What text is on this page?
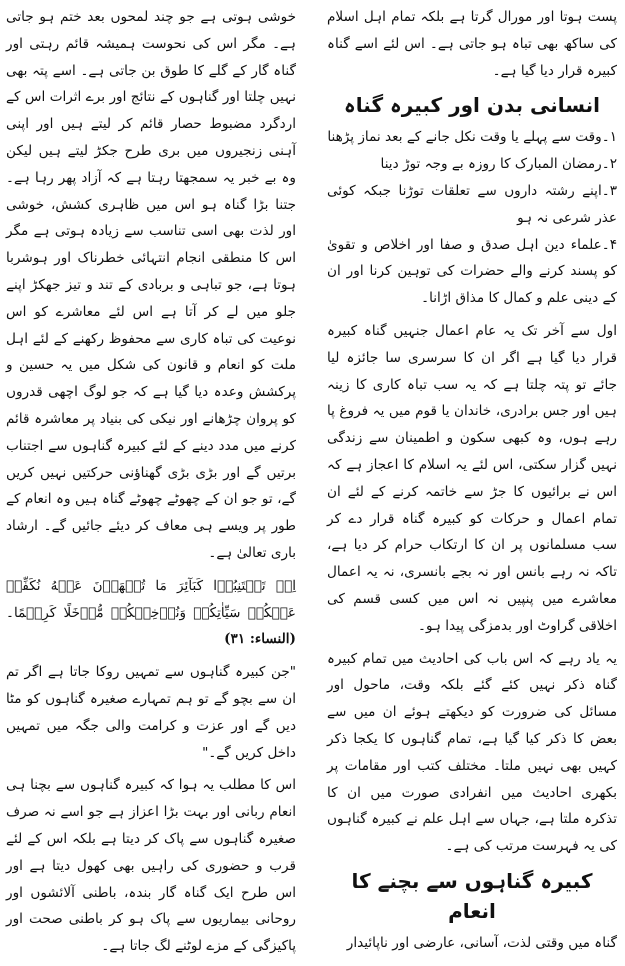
پست ہوتا اور مورال گرتا ہے بلکہ تمام اہل اسلام کی ساکھ بھی تباہ ہو جاتی ہے۔ اس لئے اسے گناہ کبیرہ قرار دیا گیا ہے۔

انسانی بدن اور کبیرہ گناہ
۱۔وقت سے پہلے یا وقت نکل جانے کے بعد نماز پڑھنا
۲۔رمضان المبارک کا روزہ بے وجہ توڑ دینا
۳۔اپنے رشتہ داروں سے تعلقات توڑنا جبکہ کوئی عذر شرعی نہ ہو
۴۔علماء دین اہل صدق و صفا اور اخلاص و تقویٰ کو پسند کرنے والے حضرات کی توہین کرنا اور ان کے دینی علم و کمال کا مذاق اڑانا۔

اول سے آخر تک یہ عام اعمال جنہیں گناہ کبیرہ قرار دیا گیا ہے اگر ان کا سرسری سا جائزہ لیا جائے تو پتہ چلتا ہے کہ یہ سب تباہ کاری کا زینہ ہیں اور جس برادری، خاندان یا قوم میں یہ فروغ پا رہے ہوں، وہ کبھی سکون و اطمینان سے زندگی نہیں گزار سکتی، اس لئے یہ اسلام کا اعجاز ہے کہ اس نے برائیوں کا جڑ سے خاتمہ کرنے کے لئے ان تمام اعمال و حرکات کو کبیرہ گناہ قرار دے کر سب مسلمانوں پر ان کا ارتکاب حرام کر دیا ہے، تاکہ نہ رہے بانس اور نہ بجے بانسری، نہ یہ اعمال معاشرے میں پنپیں نہ اس میں کسی قسم کی اخلاقی گراوٹ اور بدمزگی پیدا ہو۔

یہ یاد رہے کہ اس باب کی احادیث میں تمام کبیرہ گناہ ذکر نہیں کئے گئے بلکہ وقت، ماحول اور مسائل کی ضرورت کو دیکھتے ہوئے ان میں سے بعض کا ذکر کیا گیا ہے، تمام گناہوں کا یکجا ذکر کہیں بھی نہیں ملتا۔ مختلف کتب اور مقامات پر بکھری احادیث میں انفرادی صورت میں ان کا تذکرہ ملتا ہے، جہاں سے اہل علم نے کبیرہ گناہوں کی یہ فہرست مرتب کی ہے۔

کبیرہ گناہوں سے بچنے کا انعام

گناہ میں وقتی لذت، آسانی، عارضی اور ناپائیدار

خوشی ہوتی ہے جو چند لمحوں بعد ختم ہو جاتی ہے۔ مگر اس کی نحوست ہمیشہ قائم رہتی اور گناہ گار کے گلے کا طوق بن جاتی ہے۔ اسے پتہ بھی نہیں چلتا اور گناہوں کے نتائج اور برے اثرات اس کے اردگرد مضبوط حصار قائم کر لیتے ہیں اور اپنی آہنی زنجیروں میں بری طرح جکڑ لیتے ہیں لیکن وہ بے خبر یہ سمجھتا رہتا ہے کہ آزاد پھر رہا ہے۔ جتنا بڑا گناہ ہو اس میں ظاہری کشش، خوشی اور لذت بھی اسی تناسب سے زیادہ ہوتی ہے مگر اس کا منطقی انجام انتہائی خطرناک اور ہوشربا ہوتا ہے، جو تباہی و بربادی کے تند و تیز جھکڑ اپنے جلو میں لے کر آتا ہے اس لئے معاشرے کو اس نوعیت کی تباہ کاری سے محفوظ رکھنے کے لئے اہل ملت کو انعام و قانون کی شکل میں یہ حسین و پرکشش وعدہ دیا گیا ہے کہ جو لوگ اچھی قدروں کو پروان چڑھانے اور نیکی کی بنیاد پر معاشرہ قائم کرنے میں مدد دینے کے لئے کبیرہ گناہوں سے اجتناب برتیں گے اور بڑی بڑی گھناؤنی حرکتیں نہیں کریں گے، تو جو ان کے چھوٹے چھوٹے گناہ ہیں وہ انعام کے طور پر ویسے ہی معاف کر دیئے جائیں گے۔ ارشاد باری تعالیٰ ہے۔

اِنۡ تَجۡتَنِبُوۡا كَبَآئِرَ مَا تُنۡهَوۡنَ عَنۡهُ نُكَفِّرۡ عَنۡكُمۡ سَيِّاٰتِكُمۡ وَنُدۡخِلۡكُمۡ مُّدۡخَلًا كَرِيۡمًا۔ (النساء: ۳۱)

"جن کبیرہ گناہوں سے تمہیں روکا جاتا ہے اگر تم ان سے بچو گے تو ہم تمہارے صغیرہ گناہوں کو مٹا دیں گے اور عزت و کرامت والی جگہ میں تمہیں داخل کریں گے۔"

اس کا مطلب یہ ہوا کہ کبیرہ گناہوں سے بچنا ہی انعام ربانی اور بہت بڑا اعزاز ہے جو اسے نہ صرف صغیرہ گناہوں سے پاک کر دیتا ہے بلکہ اس کے لئے قرب و حضوری کی راہیں بھی کھول دیتا ہے اور اس طرح ایک گناہ گار بندہ، باطنی آلائشوں اور روحانی بیماریوں سے پاک ہو کر باطنی صحت اور پاکیزگی کے مزے لوٹنے لگ جاتا ہے۔
